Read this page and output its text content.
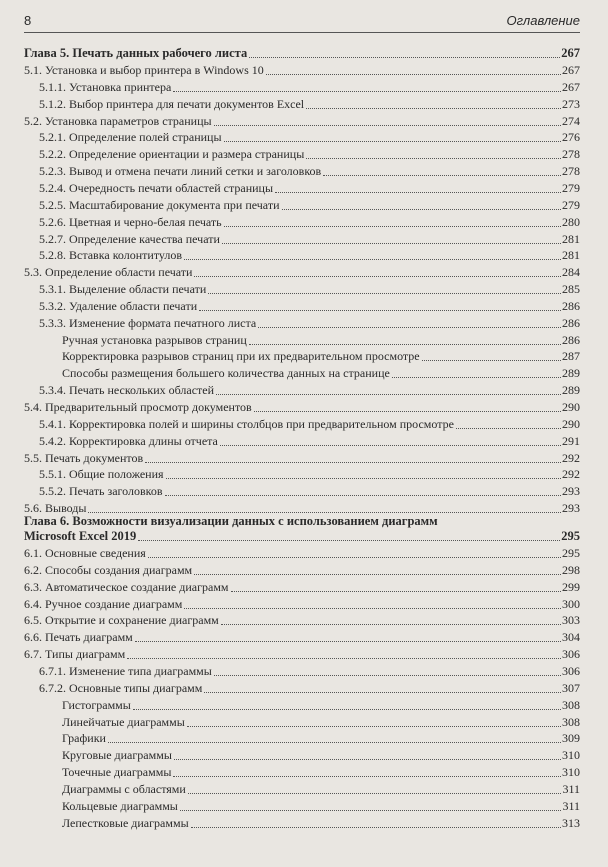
8	Оглавление
Глава 5. Печать данных рабочего листа	267
5.1. Установка и выбор принтера в Windows 10	267
5.1.1. Установка принтера	267
5.1.2. Выбор принтера для печати документов Excel	273
5.2. Установка параметров страницы	274
5.2.1. Определение полей страницы	276
5.2.2. Определение ориентации и размера страницы	278
5.2.3. Вывод и отмена печати линий сетки и заголовков	278
5.2.4. Очередность печати областей страницы	279
5.2.5. Масштабирование документа при печати	279
5.2.6. Цветная и черно-белая печать	280
5.2.7. Определение качества печати	281
5.2.8. Вставка колонтитулов	281
5.3. Определение области печати	284
5.3.1. Выделение области печати	285
5.3.2. Удаление области печати	286
5.3.3. Изменение формата печатного листа	286
Ручная установка разрывов страниц	286
Корректировка разрывов страниц при их предварительном просмотре	287
Способы размещения большего количества данных на странице	289
5.3.4. Печать нескольких областей	289
5.4. Предварительный просмотр документов	290
5.4.1. Корректировка полей и ширины столбцов при предварительном просмотре	290
5.4.2. Корректировка длины отчета	291
5.5. Печать документов	292
5.5.1. Общие положения	292
5.5.2. Печать заголовков	293
5.6. Выводы	293
Глава 6. Возможности визуализации данных с использованием диаграмм
Microsoft Excel 2019	295
6.1. Основные сведения	295
6.2. Способы создания диаграмм	298
6.3. Автоматическое создание диаграмм	299
6.4. Ручное создание диаграмм	300
6.5. Открытие и сохранение диаграмм	303
6.6. Печать диаграмм	304
6.7. Типы диаграмм	306
6.7.1. Изменение типа диаграммы	306
6.7.2. Основные типы диаграмм	307
Гистограммы	308
Линейчатые диаграммы	308
Графики	309
Круговые диаграммы	310
Точечные диаграммы	310
Диаграммы с областями	311
Кольцевые диаграммы	311
Лепестковые диаграммы	313
